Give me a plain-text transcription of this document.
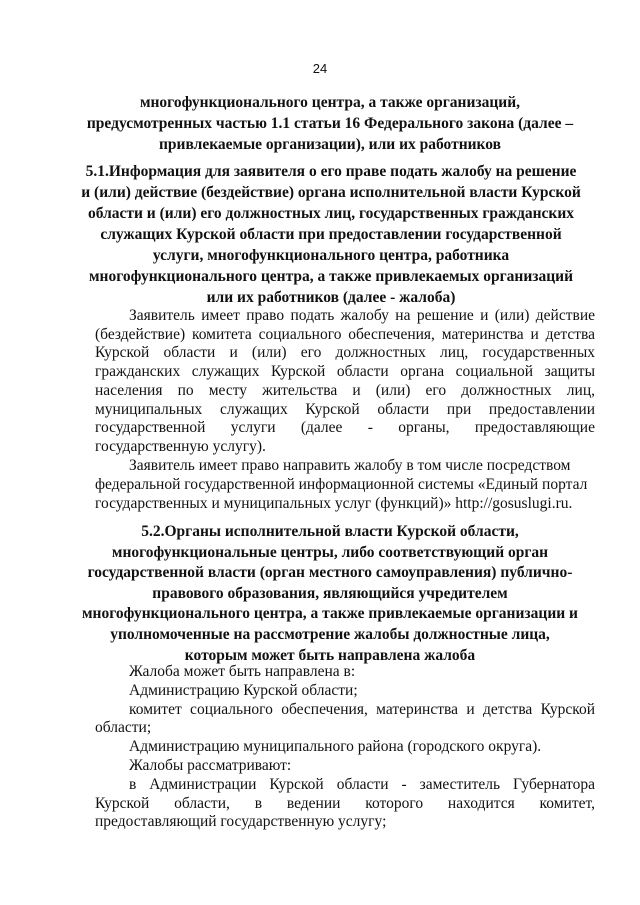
24

многофункционального центра, а также организаций,

предусмотренных частью 1.1 статьи 16 Федерального закона (далее –

привлекаемые организации), или их работников

5.1.Информация для заявителя о его праве подать жалобу на решение

и (или) действие (бездействие) органа исполнительной власти Курской

области и (или) его должностных лиц, государственных гражданских

служащих Курской области при предоставлении государственной

услуги, многофункционального центра, работника

многофункционального центра, а также привлекаемых организаций

или их работников (далее - жалоба)

Заявитель имеет право подать жалобу на решение и (или) действие

(бездействие) комитета социального обеспечения, материнства и детства

Курской области и (или) его должностных лиц, государственных

гражданских служащих Курской области органа социальной защиты

населения по месту жительства и (или) его должностных лиц,

муниципальных служащих Курской области при предоставлении

государственной услуги (далее - органы, предоставляющие

государственную услугу).

Заявитель имеет право направить жалобу в том числе посредством

федеральной государственной информационной системы «Единый портал

государственных и муниципальных услуг (функций)» http://gosuslugi.ru.

5.2.Органы исполнительной власти Курской области,

многофункциональные центры, либо соответствующий орган

государственной власти (орган местного самоуправления) публично-

правового образования, являющийся учредителем

многофункционального центра, а также привлекаемые организации и

уполномоченные на рассмотрение жалобы должностные лица,

которым может быть направлена жалоба

Жалоба может быть направлена в:

Администрацию Курской области;

комитет социального обеспечения, материнства и детства Курской

области;

Администрацию муниципального района (городского округа).

Жалобы рассматривают:

в Администрации Курской области - заместитель Губернатора

Курской области, в ведении которого находится комитет,

предоставляющий государственную услугу;
